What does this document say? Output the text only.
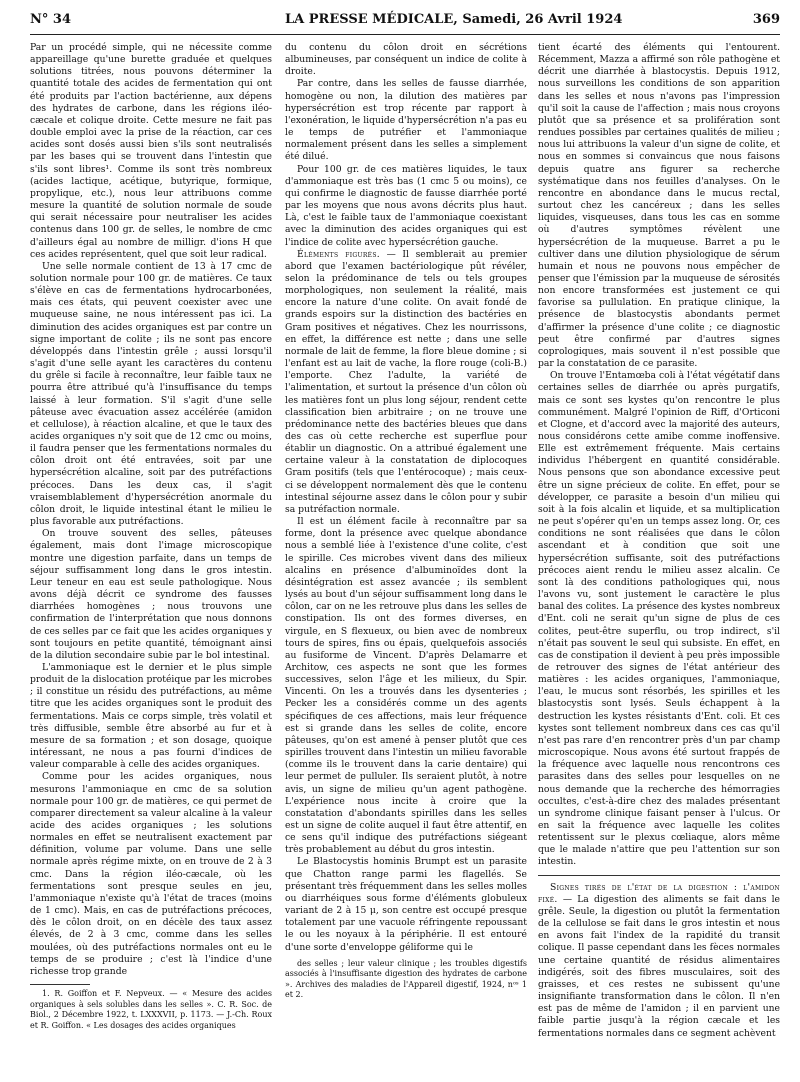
N° 34	LA PRESSE MÉDICALE, Samedi, 26 Avril 1924	369

Par un procédé simple, qui ne nécessite comme appareillage qu'une burette graduée et quelques solutions titrées, nous pouvons déterminer la quantité totale des acides de fermentation qui ont été produits par l'action bactérienne, aux dépens des hydrates de carbone, dans les régions iléo-cæcale et colique droite. Cette mesure ne fait pas double emploi avec la prise de la réaction, car ces acides sont dosés aussi bien s'ils sont neutralisés par les bases qui se trouvent dans l'intestin que s'ils sont libres¹. Comme ils sont très nombreux (acides lactique, acétique, butyrique, formique, propylique, etc.), nous leur attribuons comme mesure la quantité de solution normale de soude qui serait nécessaire pour neutraliser les acides contenus dans 100 gr. de selles, le nombre de cmc d'ailleurs égal au nombre de milligr. d'ions H que ces acides représentent, quel que soit leur radical.

Une selle normale contient de 13 à 17 cmc de solution normale pour 100 gr. de matières. Ce taux s'élève en cas de fermentations hydrocarbonées, mais ces états, qui peuvent coexister avec une muqueuse saine, ne nous intéressent pas ici. La diminution des acides organiques est par contre un signe important de colite ; ils ne sont pas encore développés dans l'intestin grêle ; aussi lorsqu'il s'agit d'une selle ayant les caractères du contenu du grêle si facile à reconnaître, leur faible taux ne pourra être attribué qu'à l'insuffisance du temps laissé à leur formation. S'il s'agit d'une selle pâteuse avec évacuation assez accélérée (amidon et cellulose), à réaction alcaline, et que le taux des acides organiques n'y soit que de 12 cmc ou moins, il faudra penser que les fermentations normales du côlon droit ont été entravées, soit par une hypersécrétion alcaline, soit par des putréfactions précoces. Dans les deux cas, il s'agit vraisemblablement d'hypersécrétion anormale du côlon droit, le liquide intestinal étant le milieu le plus favorable aux putréfactions.

On trouve souvent des selles, pâteuses également, mais dont l'image microscopique montre une digestion parfaite, dans un temps de séjour suffisamment long dans le gros intestin. Leur teneur en eau est seule pathologique. Nous avons déjà décrit ce syndrome des fausses diarrhées homogènes ; nous trouvons une confirmation de l'interprétation que nous donnons de ces selles par ce fait que les acides organiques y sont toujours en petite quantité, témoignant ainsi de la dilution secondaire subie par le bol intestinal.

L'ammoniaque est le dernier et le plus simple produit de la dislocation protéique par les microbes ; il constitue un résidu des putréfactions, au même titre que les acides organiques sont le produit des fermentations. Mais ce corps simple, très volatil et très diffusible, semble être absorbé au fur et à mesure de sa formation ; et son dosage, quoique intéressant, ne nous a pas fourni d'indices de valeur comparable à celle des acides organiques.

Comme pour les acides organiques, nous mesurons l'ammoniaque en cmc de sa solution normale pour 100 gr. de matières, ce qui permet de comparer directement sa valeur alcaline à la valeur acide des acides organiques ; les solutions normales en effet se neutralisent exactement par définition, volume par volume. Dans une selle normale après régime mixte, on en trouve de 2 à 3 cmc. Dans la région iléo-cæcale, où les fermentations sont presque seules en jeu, l'ammoniaque n'existe qu'à l'état de traces (moins de 1 cmc). Mais, en cas de putréfactions précoces, dès le côlon droit, on en décèle des taux assez élevés, de 2 à 3 cmc, comme dans les selles moulées, où des putréfactions normales ont eu le temps de se produire ; c'est là l'indice d'une richesse trop grande

1. R. Goiffon et F. Nepveux. — « Mesure des acides organiques à sels solubles dans les selles ». C. R. Soc. de Biol., 2 Décembre 1922, t. LXXXVII, p. 1173. — J.-Ch. Roux et R. Goiffon. « Les dosages des acides organiques

du contenu du côlon droit en sécrétions albumineuses, par conséquent un indice de colite à droite.

Par contre, dans les selles de fausse diarrhée, homogène ou non, la dilution des matières par hypersécrétion est trop récente par rapport à l'exonération, le liquide d'hypersécrétion n'a pas eu le temps de putréfier et l'ammoniaque normalement présent dans les selles a simplement été dilué.

Pour 100 gr. de ces matières liquides, le taux d'ammoniaque est très bas (1 cmc 5 ou moins), ce qui confirme le diagnostic de fausse diarrhée porté par les moyens que nous avons décrits plus haut. Là, c'est le faible taux de l'ammoniaque coexistant avec la diminution des acides organiques qui est l'indice de colite avec hypersécrétion gauche.

Éléments figurés. — Il semblerait au premier abord que l'examen bactériologique pût révéler, selon la prédominance de tels ou tels groupes morphologiques, non seulement la réalité, mais encore la nature d'une colite. On avait fondé de grands espoirs sur la distinction des bactéries en Gram positives et négatives. Chez les nourrissons, en effet, la différence est nette ; dans une selle normale de lait de femme, la flore bleue domine ; si l'enfant est au lait de vache, la flore rouge (coli-B.) l'emporte. Chez l'adulte, la variété de l'alimentation, et surtout la présence d'un côlon où les matières font un plus long séjour, rendent cette classification bien arbitraire ; on ne trouve une prédominance nette des bactéries bleues que dans des cas où cette recherche est superflue pour établir un diagnostic. On a attribué également une certaine valeur à la constatation de diplocoques Gram positifs (tels que l'entérocoque) ; mais ceux-ci se développent normalement dès que le contenu intestinal séjourne assez dans le côlon pour y subir sa putréfaction normale.

Il est un élément facile à reconnaître par sa forme, dont la présence avec quelque abondance nous a semblé liée à l'existence d'une colite, c'est le spirille. Ces microbes vivent dans des milieux alcalins en présence d'albuminoïdes dont la désintégration est assez avancée ; ils semblent lysés au bout d'un séjour suffisamment long dans le côlon, car on ne les retrouve plus dans les selles de constipation. Ils ont des formes diverses, en virgule, en S flexueux, ou bien avec de nombreux tours de spires, fins ou épais, quelquefois associés au fusiforme de Vincent. D'après Delamarre et Architow, ces aspects ne sont que les formes successives, selon l'âge et les milieux, du Spir. Vincenti. On les a trouvés dans les dysenteries ; Pecker les a considérés comme un des agents spécifiques de ces affections, mais leur fréquence est si grande dans les selles de colite, encore pâteuses, qu'on est amené à penser plutôt que ces spirilles trouvent dans l'intestin un milieu favorable (comme ils le trouvent dans la carie dentaire) qui leur permet de pulluler. Ils seraient plutôt, à notre avis, un signe de milieu qu'un agent pathogène. L'expérience nous incite à croire que la constatation d'abondants spirilles dans les selles est un signe de colite auquel il faut être attentif, en ce sens qu'il indique des putréfactions siégeant très probablement au début du gros intestin.

Le Blastocystis hominis Brumpt est un parasite que Chatton range parmi les flagellés. Se présentant très fréquemment dans les selles molles ou diarrhéiques sous forme d'éléments globuleux variant de 2 à 15 μ, son centre est occupé presque totalement par une vacuole réfringente repoussant le ou les noyaux à la périphérie. Il est entouré d'une sorte d'enveloppe géliforme qui le

des selles ; leur valeur clinique ; les troubles digestifs associés à l'insuffisante digestion des hydrates de carbone ». Archives des maladies de l'Appareil digestif, 1924, nᵒˢ 1 et 2.

tient écarté des éléments qui l'entourent. Récemment, Mazza a affirmé son rôle pathogène et décrit une diarrhée à blastocystis. Depuis 1912, nous surveillons les conditions de son apparition dans les selles et nous n'avons pas l'impression qu'il soit la cause de l'affection ; mais nous croyons plutôt que sa présence et sa prolifération sont rendues possibles par certaines qualités de milieu ; nous lui attribuons la valeur d'un signe de colite, et nous en sommes si convaincus que nous faisons depuis quatre ans figurer sa recherche systématique dans nos feuilles d'analyses. On le rencontre en abondance dans le mucus rectal, surtout chez les cancéreux ; dans les selles liquides, visqueuses, dans tous les cas en somme où d'autres symptômes révèlent une hypersécrétion de la muqueuse. Barret a pu le cultiver dans une dilution physiologique de sérum humain et nous ne pouvons nous empêcher de penser que l'émission par la muqueuse de sérosités non encore transformées est justement ce qui favorise sa pullulation. En pratique clinique, la présence de blastocystis abondants permet d'affirmer la présence d'une colite ; ce diagnostic peut être confirmé par d'autres signes coprologiques, mais souvent il n'est possible que par la constatation de ce parasite.

On trouve l'Entamœba coli à l'état végétatif dans certaines selles de diarrhée ou après purgatifs, mais ce sont ses kystes qu'on rencontre le plus communément. Malgré l'opinion de Riff, d'Orticoni et Clogne, et d'accord avec la majorité des auteurs, nous considérons cette amibe comme inoffensive. Elle est extrêmement fréquente. Mais certains individus l'hébergent en quantité considérable. Nous pensons que son abondance excessive peut être un signe précieux de colite. En effet, pour se développer, ce parasite a besoin d'un milieu qui soit à la fois alcalin et liquide, et sa multiplication ne peut s'opérer qu'en un temps assez long. Or, ces conditions ne sont réalisées que dans le côlon ascendant et à condition que soit une hypersécrétion suffisante, soit des putréfactions précoces aient rendu le milieu assez alcalin. Ce sont là des conditions pathologiques qui, nous l'avons vu, sont justement le caractère le plus banal des colites. La présence des kystes nombreux d'Ent. coli ne serait qu'un signe de plus de ces colites, peut-être superflu, ou trop indirect, s'il n'était pas souvent le seul qui subsiste. En effet, en cas de constipation il devient à peu près impossible de retrouver des signes de l'état antérieur des matières : les acides organiques, l'ammoniaque, l'eau, le mucus sont résorbés, les spirilles et les blastocystis sont lysés. Seuls échappent à la destruction les kystes résistants d'Ent. coli. Et ces kystes sont tellement nombreux dans ces cas qu'il n'est pas rare d'en rencontrer près d'un par champ microscopique. Nous avons été surtout frappés de la fréquence avec laquelle nous rencontrons ces parasites dans des selles pour lesquelles on ne nous demande que la recherche des hémorragies occultes, c'est-à-dire chez des malades présentant un syndrome clinique faisant penser à l'ulcus. Or en sait la fréquence avec laquelle les colites retentissent sur le plexus cœliaque, alors même que le malade n'attire que peu l'attention sur son intestin.

Signes tirés de l'état de la digestion : l'amidon fixé. — La digestion des aliments se fait dans le grêle. Seule, la digestion ou plutôt la fermentation de la cellulose se fait dans le gros intestin et nous en avons fait l'index de la rapidité du transit colique. Il passe cependant dans les fèces normales une certaine quantité de résidus alimentaires indigérés, soit des fibres musculaires, soit des graisses, et ces restes ne subissent qu'une insignifiante transformation dans le côlon. Il n'en est pas de même de l'amidon ; il en parvient une faible partie jusqu'à la région cæcale et les fermentations normales dans ce segment achèvent
